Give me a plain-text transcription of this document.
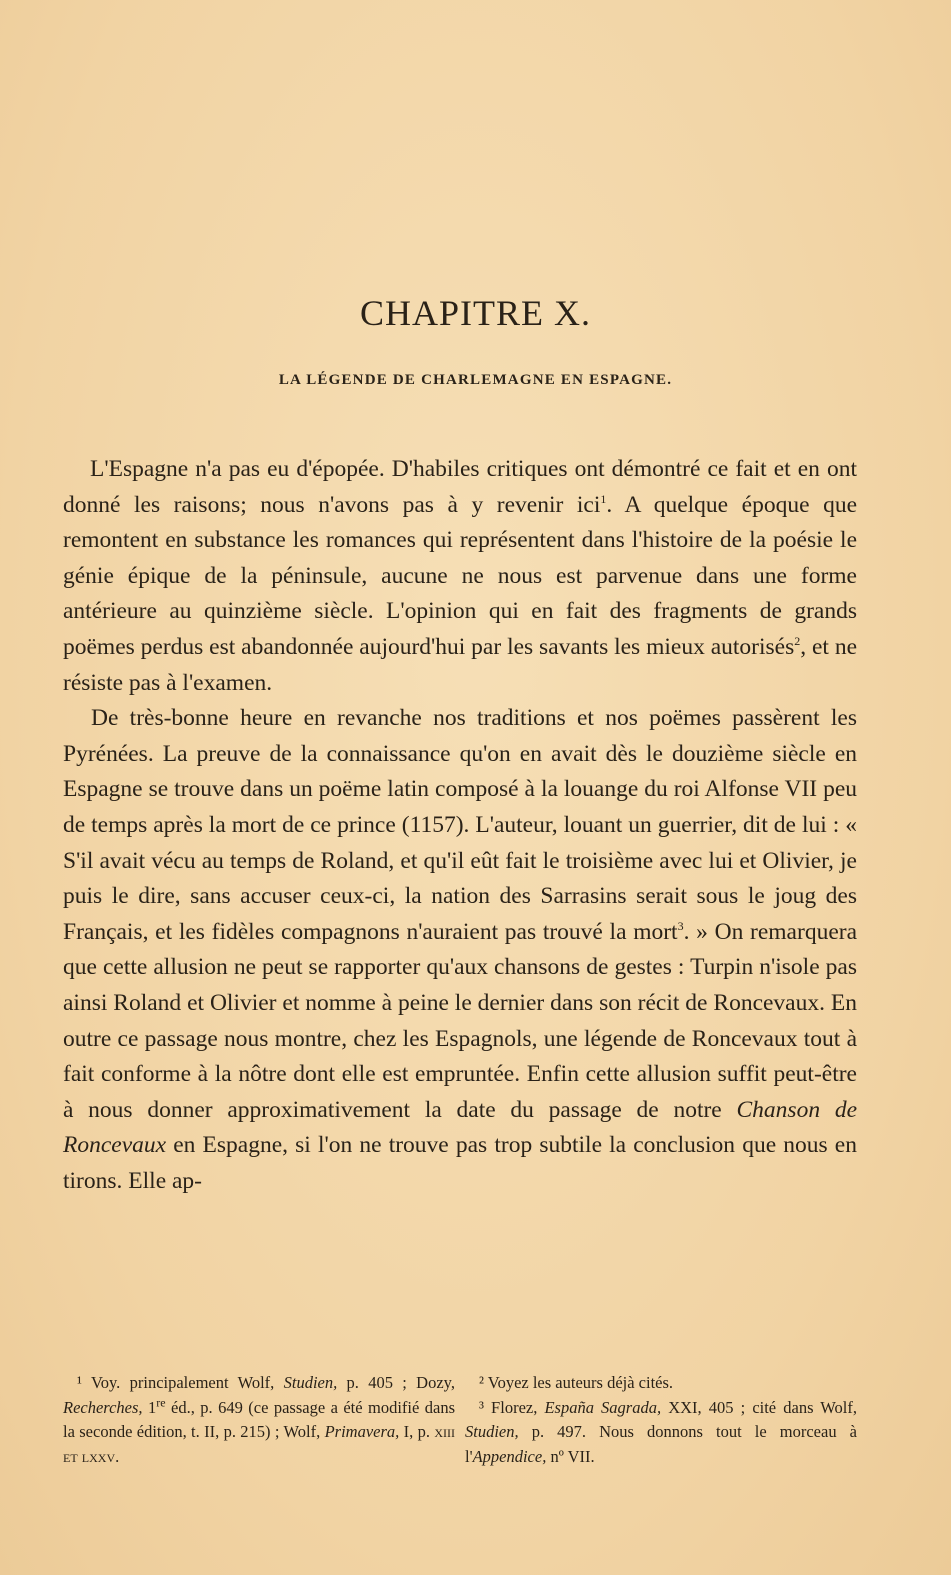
CHAPITRE X.
LA LÉGENDE DE CHARLEMAGNE EN ESPAGNE.

L'Espagne n'a pas eu d'épopée. D'habiles critiques ont démontré ce fait et en ont donné les raisons; nous n'avons pas à y revenir ici$^1$. A quelque époque que remontent en substance les romances qui représentent dans l'histoire de la poésie le génie épique de la péninsule, aucune ne nous est parvenue dans une forme antérieure au quinzième siècle. L'opinion qui en fait des fragments de grands poëmes perdus est abandonnée aujourd'hui par les savants les mieux autorisés$^2$, et ne résiste pas à l'examen.

De très-bonne heure en revanche nos traditions et nos poëmes passèrent les Pyrénées. La preuve de la connaissance qu'on en avait dès le douzième siècle en Espagne se trouve dans un poëme latin composé à la louange du roi Alfonse VII peu de temps après la mort de ce prince (1157). L'auteur, louant un guerrier, dit de lui : « S'il avait vécu au temps de Roland, et qu'il eût fait le troisième avec lui et Olivier, je puis le dire, sans accuser ceux-ci, la nation des Sarrasins serait sous le joug des Français, et les fidèles compagnons n'auraient pas trouvé la mort$^3$. » On remarquera que cette allusion ne peut se rapporter qu'aux chansons de gestes : Turpin n'isole pas ainsi Roland et Olivier et nomme à peine le dernier dans son récit de Roncevaux. En outre ce passage nous montre, chez les Espagnols, une légende de Roncevaux tout à fait conforme à la nôtre dont elle est empruntée. Enfin cette allusion suffit peut-être à nous donner approximativement la date du passage de notre Chanson de Roncevaux en Espagne, si l'on ne trouve pas trop subtile la conclusion que nous en tirons. Elle ap-

¹ Voy. principalement Wolf, Studien, p. 405 ; Dozy, Recherches, 1re éd., p. 649 (ce passage a été modifié dans la seconde édition, t. II, p. 215) ; Wolf, Primavera, I, p. xiii et lxxv.

² Voyez les auteurs déjà cités.

³ Florez, España Sagrada, XXI, 405 ; cité dans Wolf, Studien, p. 497. Nous donnons tout le morceau à l'Appendice, nº VII.
